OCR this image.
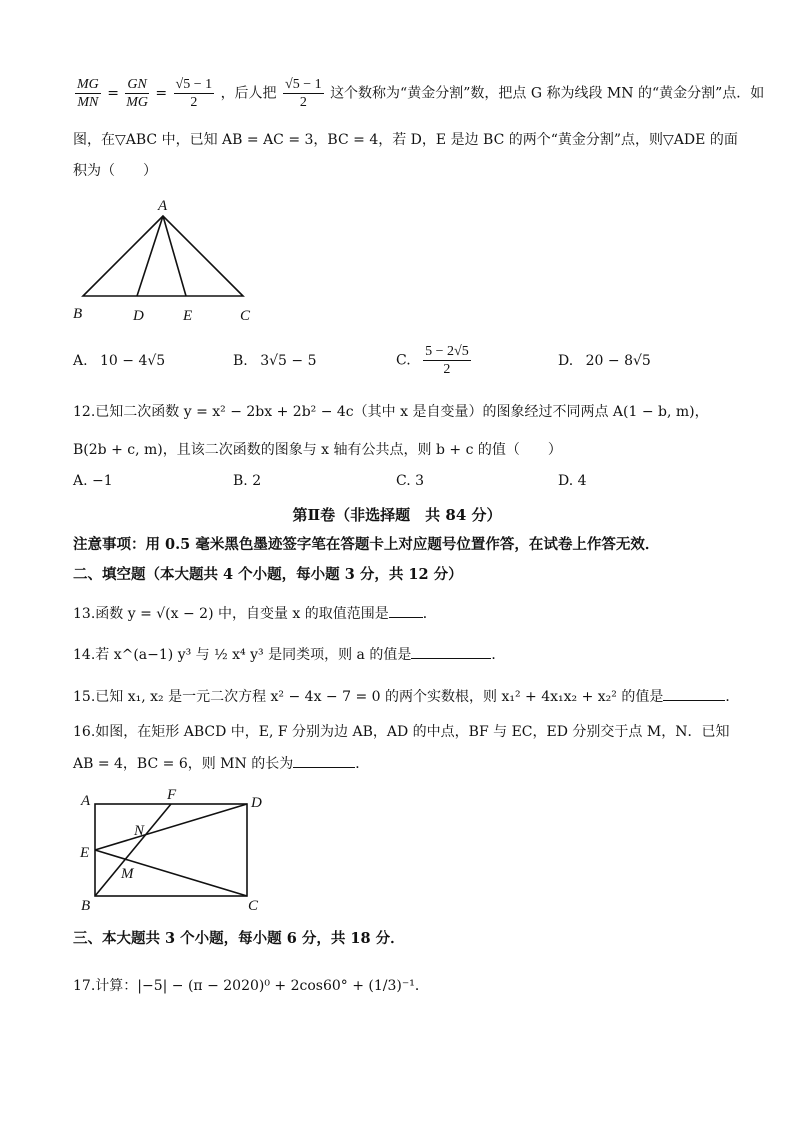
$\frac{MG}{MN} = \frac{GN}{MG} = \frac{√5 - 1}{2}$ ，后人把 $\frac{√5 - 1}{2}$ 这个数称为“黄金分割”数，把点 G 称为线段 MN 的“黄金分割”点．如
图，在▽ABC 中，已知 AB = AC = 3，BC = 4，若 D，E 是边 BC 的两个“黄金分割”点，则▽ADE 的面
积为（　　）
A
B	D	E	C
A. 10 − 4√5	B. 3√5 − 5	C. $\frac{5 - 2√5}{2}$	D. 20 − 8√5
12.已知二次函数 y = x² − 2bx + 2b² − 4c（其中 x 是自变量）的图象经过不同两点 A(1 − b, m)，
B(2b + c, m)，且该二次函数的图象与 x 轴有公共点，则 b + c 的值（　　）
A. −1	B. 2	C. 3	D. 4
第Ⅱ卷（非选择题　共 84 分）
注意事项：用 0.5 毫米黑色墨迹签字笔在答题卡上对应题号位置作答，在试卷上作答无效．
二、填空题（本大题共 4 个小题，每小题 3 分，共 12 分）
13.函数 y = √(x − 2) 中，自变量 x 的取值范围是 ．
14.若 x^(a−1) y³ 与 ½ x⁴ y³ 是同类项，则 a 的值是	．
15.已知 x₁, x₂ 是一元二次方程 x² − 4x − 7 = 0 的两个实数根，则 x₁² + 4x₁x₂ + x₂² 的值是	．
16.如图，在矩形 ABCD 中，E, F 分别为边 AB，AD 的中点，BF 与 EC，ED 分别交于点 M，N．已知
AB = 4，BC = 6，则 MN 的长为	．
A	F	D
N
E
M
B	C
三、本大题共 3 个小题，每小题 6 分，共 18 分．
17.计算：|−5| − (π − 2020)⁰ + 2cos60° + (1/3)⁻¹．
